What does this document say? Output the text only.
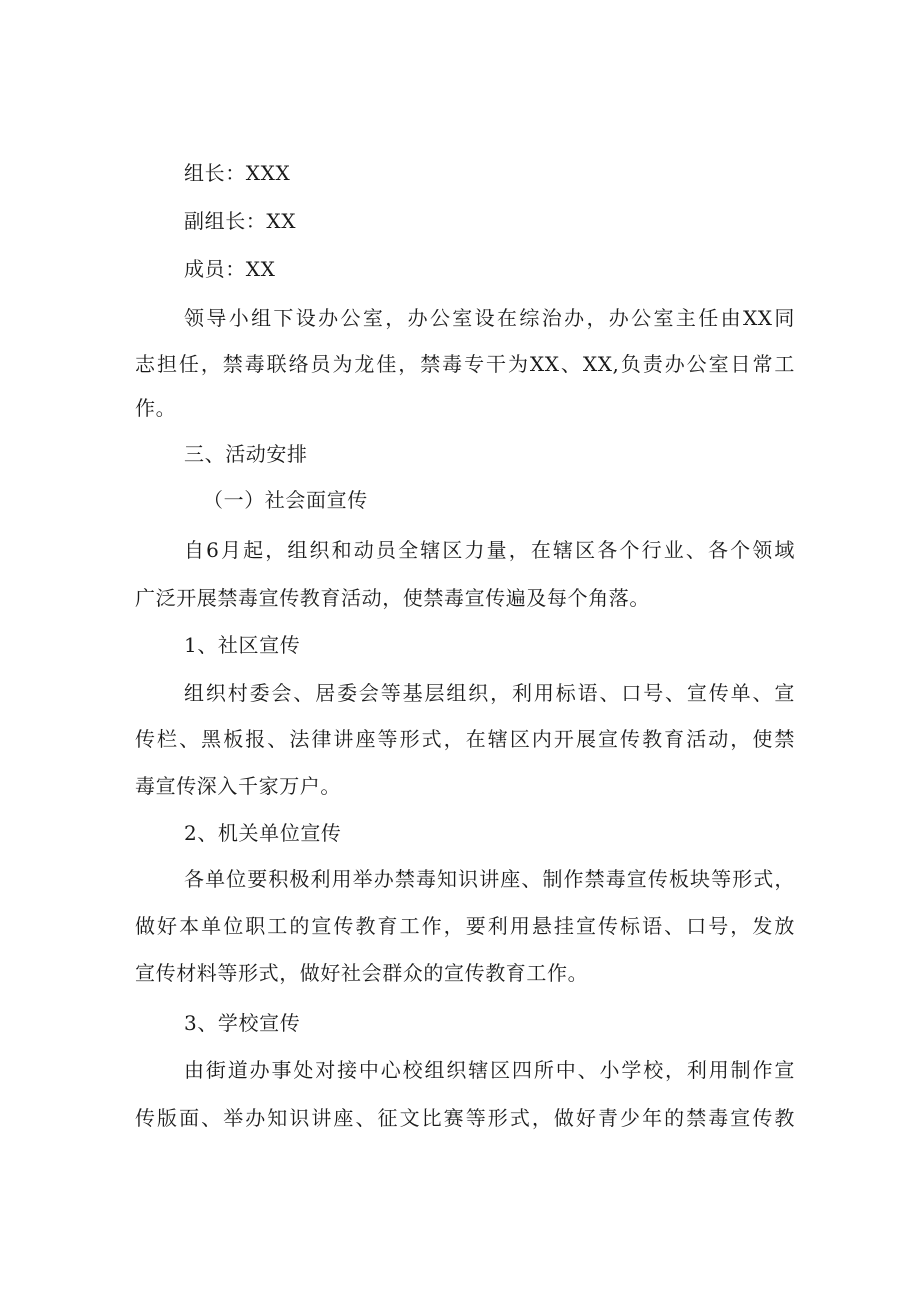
组长：XXX
副组长：XX
成员：XX
领导小组下设办公室，办公室设在综治办，办公室主任由XX同
志担任，禁毒联络员为龙佳，禁毒专干为XX、XX,负责办公室日常工
作。
三、活动安排
（一）社会面宣传
自6月起，组织和动员全辖区力量，在辖区各个行业、各个领域
广泛开展禁毒宣传教育活动，使禁毒宣传遍及每个角落。
1、社区宣传
组织村委会、居委会等基层组织，利用标语、口号、宣传单、宣
传栏、黑板报、法律讲座等形式，在辖区内开展宣传教育活动，使禁
毒宣传深入千家万户。
2、机关单位宣传
各单位要积极利用举办禁毒知识讲座、制作禁毒宣传板块等形式，
做好本单位职工的宣传教育工作，要利用悬挂宣传标语、口号，发放
宣传材料等形式，做好社会群众的宣传教育工作。
3、学校宣传
由街道办事处对接中心校组织辖区四所中、小学校，利用制作宣
传版面、举办知识讲座、征文比赛等形式，做好青少年的禁毒宣传教
